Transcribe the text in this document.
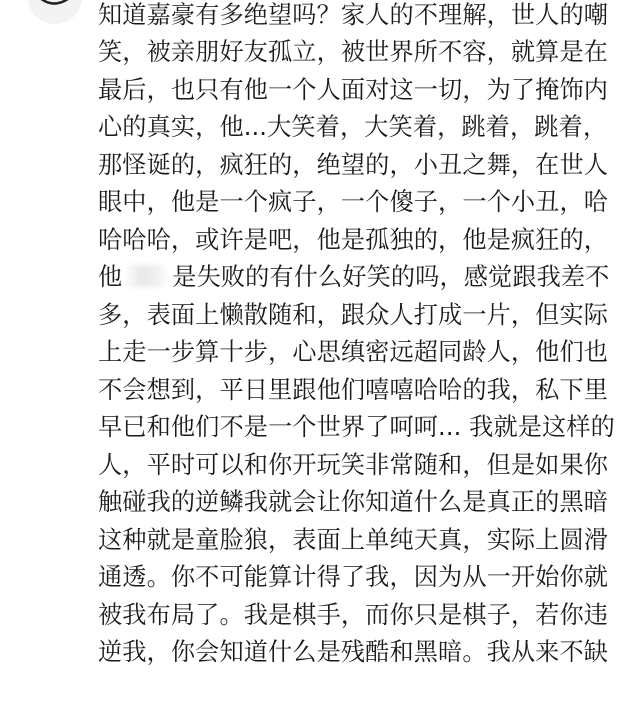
知道嘉豪有多绝望吗？家人的不理解，世人的嘲
笑，被亲朋好友孤立，被世界所不容，就算是在
最后，也只有他一个人面对这一切，为了掩饰内
心的真实，他...大笑着，大笑着，跳着，跳着，
那怪诞的，疯狂的，绝望的，小丑之舞，在世人
眼中，他是一个疯子，一个傻子，一个小丑，哈
哈哈哈，或许是吧，他是孤独的，他是疯狂的，
他 是失败的有什么好笑的吗，感觉跟我差不
多，表面上懒散随和，跟众人打成一片，但实际
上走一步算十步，心思缜密远超同龄人，他们也
不会想到，平日里跟他们嘻嘻哈哈的我，私下里
早已和他们不是一个世界了呵呵... 我就是这样的
人，平时可以和你开玩笑非常随和，但是如果你
触碰我的逆鳞我就会让你知道什么是真正的黑暗
这种就是童脸狼，表面上单纯天真，实际上圆滑
通透。你不可能算计得了我，因为从一开始你就
被我布局了。我是棋手，而你只是棋子，若你违
逆我，你会知道什么是残酷和黑暗。我从来不缺
